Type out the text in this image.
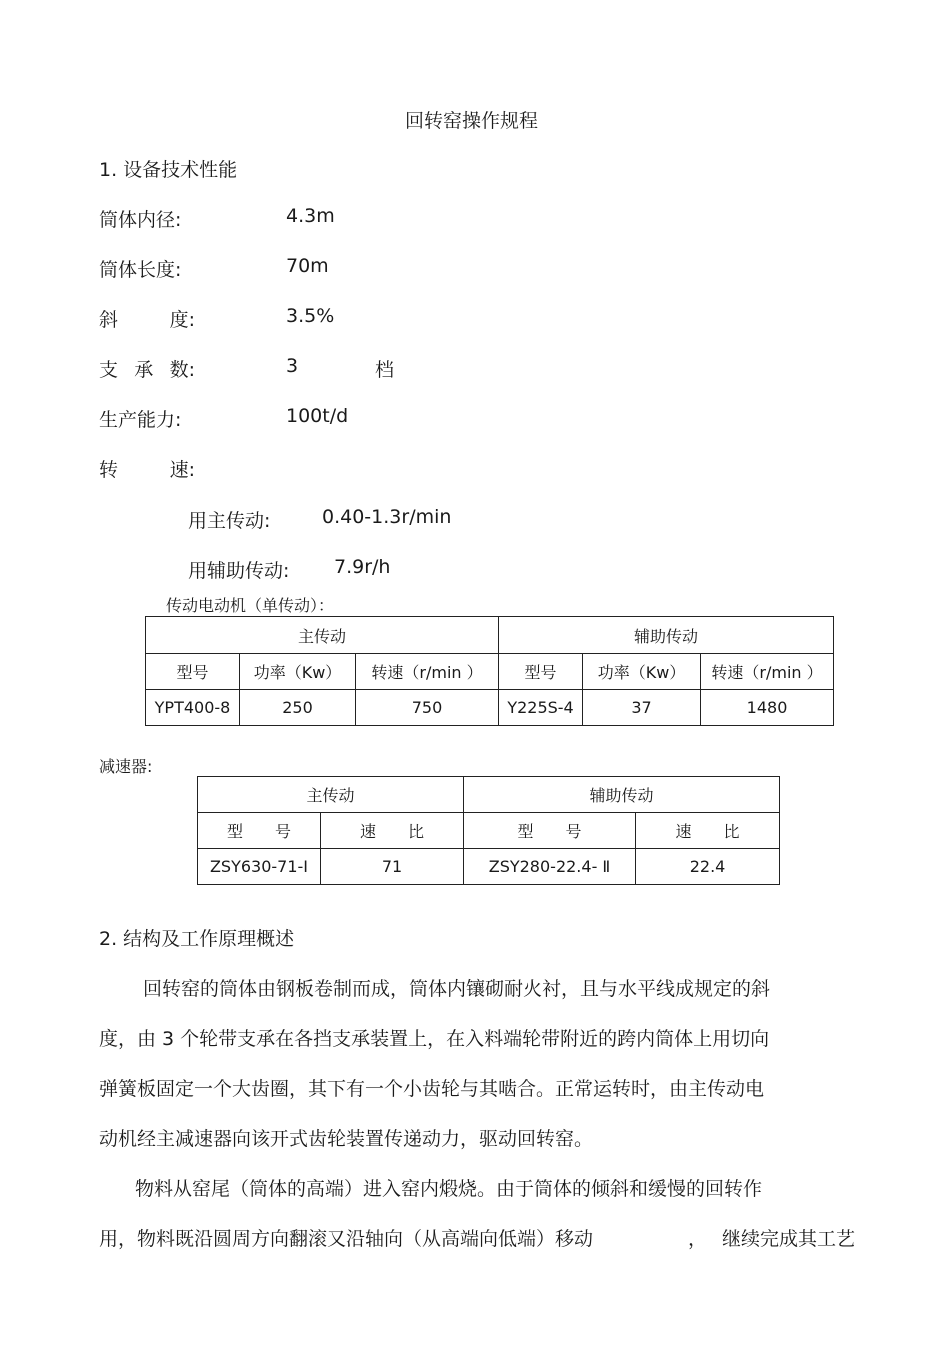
回转窑操作规程
1. 设备技术性能
筒体内径:	4.3m
筒体长度:	70m
斜	度:	3.5%
支 承 数:	3	档
生产能力:	100t/d
转	速:
用主传动:	0.40-1.3r/min
用辅助传动: 7.9r/h
传动电动机（单传动）：
主传动			辅助传动		
型号	功率（Kw）	转速（r/min ）	型号	功率（Kw）	转速（r/min ）
YPT400-8	250	750	Y225S-4	37	1480
减速器:
主传动		辅助传动	
型　　号	速　　比	型　　号	速　　比
ZSY630-71-I	71	ZSY280-22.4- Ⅱ	22.4
2. 结构及工作原理概述
回转窑的筒体由钢板卷制而成，筒体内镶砌耐火衬，且与水平线成规定的斜
度，由 3 个轮带支承在各挡支承装置上，在入料端轮带附近的跨内筒体上用切向
弹簧板固定一个大齿圈，其下有一个小齿轮与其啮合。正常运转时，由主传动电
动机经主减速器向该开式齿轮装置传递动力，驱动回转窑。
物料从窑尾（筒体的高端）进入窑内煅烧。由于筒体的倾斜和缓慢的回转作
用，物料既沿圆周方向翻滚又沿轴向（从高端向低端）移动	， 继续完成其工艺
